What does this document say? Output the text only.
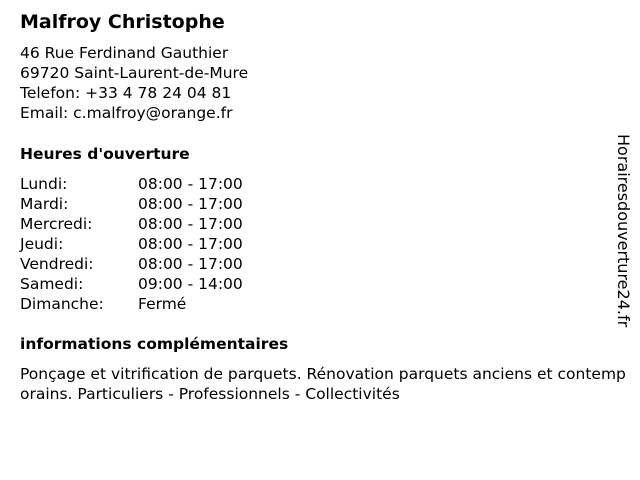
Malfroy Christophe
46 Rue Ferdinand Gauthier
69720 Saint-Laurent-de-Mure
Telefon: +33 4 78 24 04 81
Email: c.malfroy@orange.fr
Heures d'ouverture
Lundi:	08:00 - 17:00
Mardi:	08:00 - 17:00
Mercredi:	08:00 - 17:00
Jeudi:	08:00 - 17:00
Vendredi:	08:00 - 17:00
Samedi:	09:00 - 14:00
Dimanche: Fermé
informations complémentaires
Ponçage et vitrification de parquets. Rénovation parquets anciens et contemporains. Particuliers - Professionnels - Collectivités
Horairesdouverture24.fr
